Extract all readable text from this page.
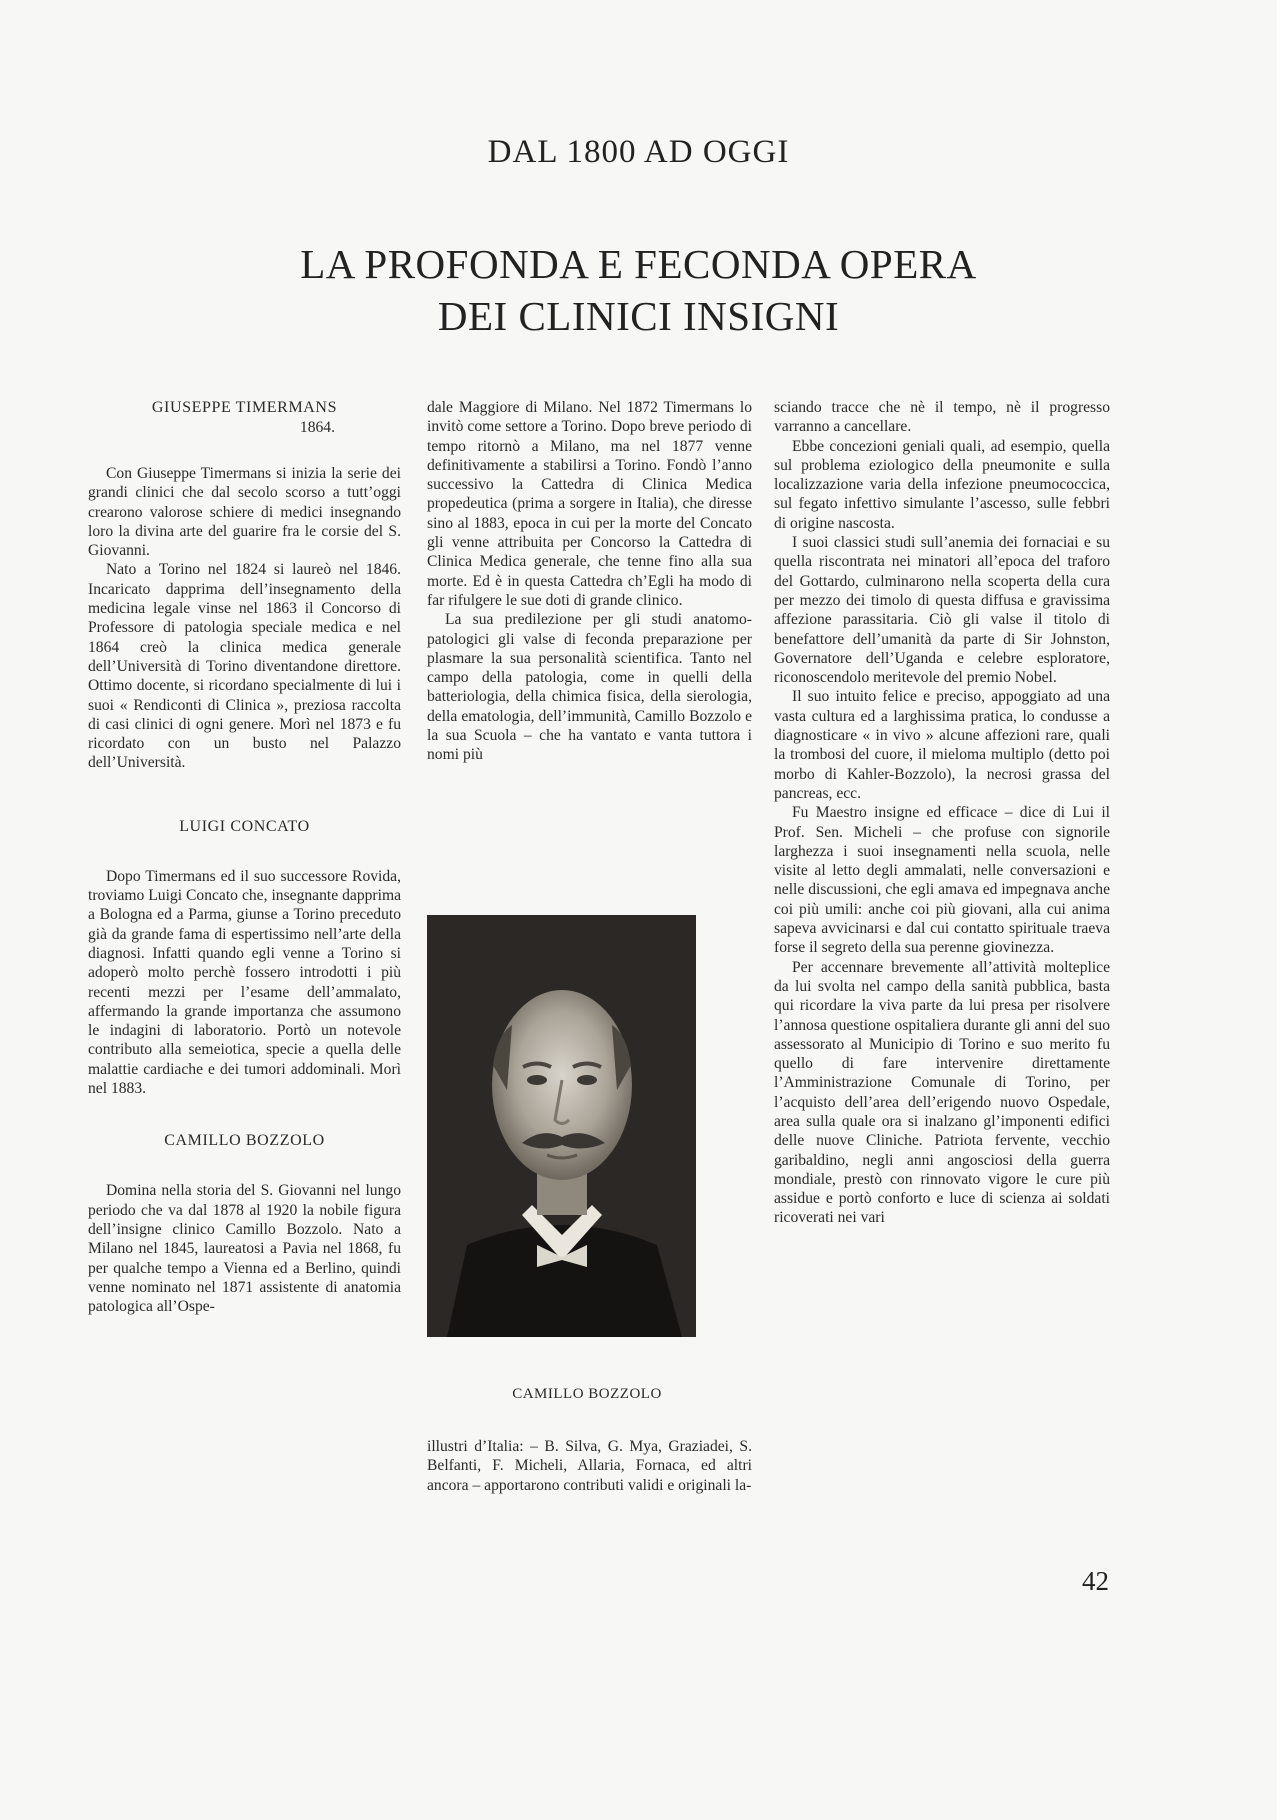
DAL 1800 AD OGGI
LA PROFONDA E FECONDA OPERA
DEI CLINICI INSIGNI
GIUSEPPE TIMERMANS
1864.

Con Giuseppe Timermans si inizia la serie dei grandi clinici che dal secolo scorso a tutt’oggi crearono valorose schiere di medici insegnando loro la divina arte del guarire fra le corsie del S. Giovanni.

Nato a Torino nel 1824 si laureò nel 1846. Incaricato dapprima dell’insegnamento della medicina legale vinse nel 1863 il Concorso di Professore di patologia speciale medica e nel 1864 creò la clinica medica generale dell’Università di Torino diventandone direttore. Ottimo docente, si ricordano specialmente di lui i suoi « Rendiconti di Clinica », preziosa raccolta di casi clinici di ogni genere. Morì nel 1873 e fu ricordato con un busto nel Palazzo dell’Università.

LUIGI CONCATO

Dopo Timermans ed il suo successore Rovida, troviamo Luigi Concato che, insegnante dapprima a Bologna ed a Parma, giunse a Torino preceduto già da grande fama di espertissimo nell’arte della diagnosi. Infatti quando egli venne a Torino si adoperò molto perchè fossero introdotti i più recenti mezzi per l’esame dell’ammalato, affermando la grande importanza che assumono le indagini di laboratorio. Portò un notevole contributo alla semeiotica, specie a quella delle malattie cardiache e dei tumori addominali. Morì nel 1883.

CAMILLO BOZZOLO

Domina nella storia del S. Giovanni nel lungo periodo che va dal 1878 al 1920 la nobile figura dell’insigne clinico Camillo Bozzolo. Nato a Milano nel 1845, laureatosi a Pavia nel 1868, fu per qualche tempo a Vienna ed a Berlino, quindi venne nominato nel 1871 assistente di anatomia patologica all’Ospe-

dale Maggiore di Milano. Nel 1872 Timermans lo invitò come settore a Torino. Dopo breve periodo di tempo ritornò a Milano, ma nel 1877 venne definitivamente a stabilirsi a Torino. Fondò l’anno successivo la Cattedra di Clinica Medica propedeutica (prima a sorgere in Italia), che diresse sino al 1883, epoca in cui per la morte del Concato gli venne attribuita per Concorso la Cattedra di Clinica Medica generale, che tenne fino alla sua morte. Ed è in questa Cattedra ch’Egli ha modo di far rifulgere le sue doti di grande clinico.

La sua predilezione per gli studi anatomo-patologici gli valse di feconda preparazione per plasmare la sua personalità scientifica. Tanto nel campo della patologia, come in quelli della batteriologia, della chimica fisica, della sierologia, della ematologia, dell’immunità, Camillo Bozzolo e la sua Scuola – che ha vantato e vanta tuttora i nomi più

CAMILLO BOZZOLO

illustri d’Italia: – B. Silva, G. Mya, Graziadei, S. Belfanti, F. Micheli, Allaria, Fornaca, ed altri ancora – apportarono contributi validi e originali la-

sciando tracce che nè il tempo, nè il progresso varranno a cancellare.

Ebbe concezioni geniali quali, ad esempio, quella sul problema eziologico della pneumonite e sulla localizzazione varia della infezione pneumococcica, sul fegato infettivo simulante l’ascesso, sulle febbri di origine nascosta.

I suoi classici studi sull’anemia dei fornaciai e su quella riscontrata nei minatori all’epoca del traforo del Gottardo, culminarono nella scoperta della cura per mezzo dei timolo di questa diffusa e gravissima affezione parassitaria. Ciò gli valse il titolo di benefattore dell’umanità da parte di Sir Johnston, Governatore dell’Uganda e celebre esploratore, riconoscendolo meritevole del premio Nobel.

Il suo intuito felice e preciso, appoggiato ad una vasta cultura ed a larghissima pratica, lo condusse a diagnosticare « in vivo » alcune affezioni rare, quali la trombosi del cuore, il mieloma multiplo (detto poi morbo di Kahler-Bozzolo), la necrosi grassa del pancreas, ecc.

Fu Maestro insigne ed efficace – dice di Lui il Prof. Sen. Micheli – che profuse con signorile larghezza i suoi insegnamenti nella scuola, nelle visite al letto degli ammalati, nelle conversazioni e nelle discussioni, che egli amava ed impegnava anche coi più umili: anche coi più giovani, alla cui anima sapeva avvicinarsi e dal cui contatto spirituale traeva forse il segreto della sua perenne giovinezza.

Per accennare brevemente all’attività molteplice da lui svolta nel campo della sanità pubblica, basta qui ricordare la viva parte da lui presa per risolvere l’annosa questione ospitaliera durante gli anni del suo assessorato al Municipio di Torino e suo merito fu quello di fare intervenire direttamente l’Amministrazione Comunale di Torino, per l’acquisto dell’area dell’erigendo nuovo Ospedale, area sulla quale ora si inalzano gl’imponenti edifici delle nuove Cliniche. Patriota fervente, vecchio garibaldino, negli anni angosciosi della guerra mondiale, prestò con rinnovato vigore le cure più assidue e portò conforto e luce di scienza ai soldati ricoverati nei vari

42
